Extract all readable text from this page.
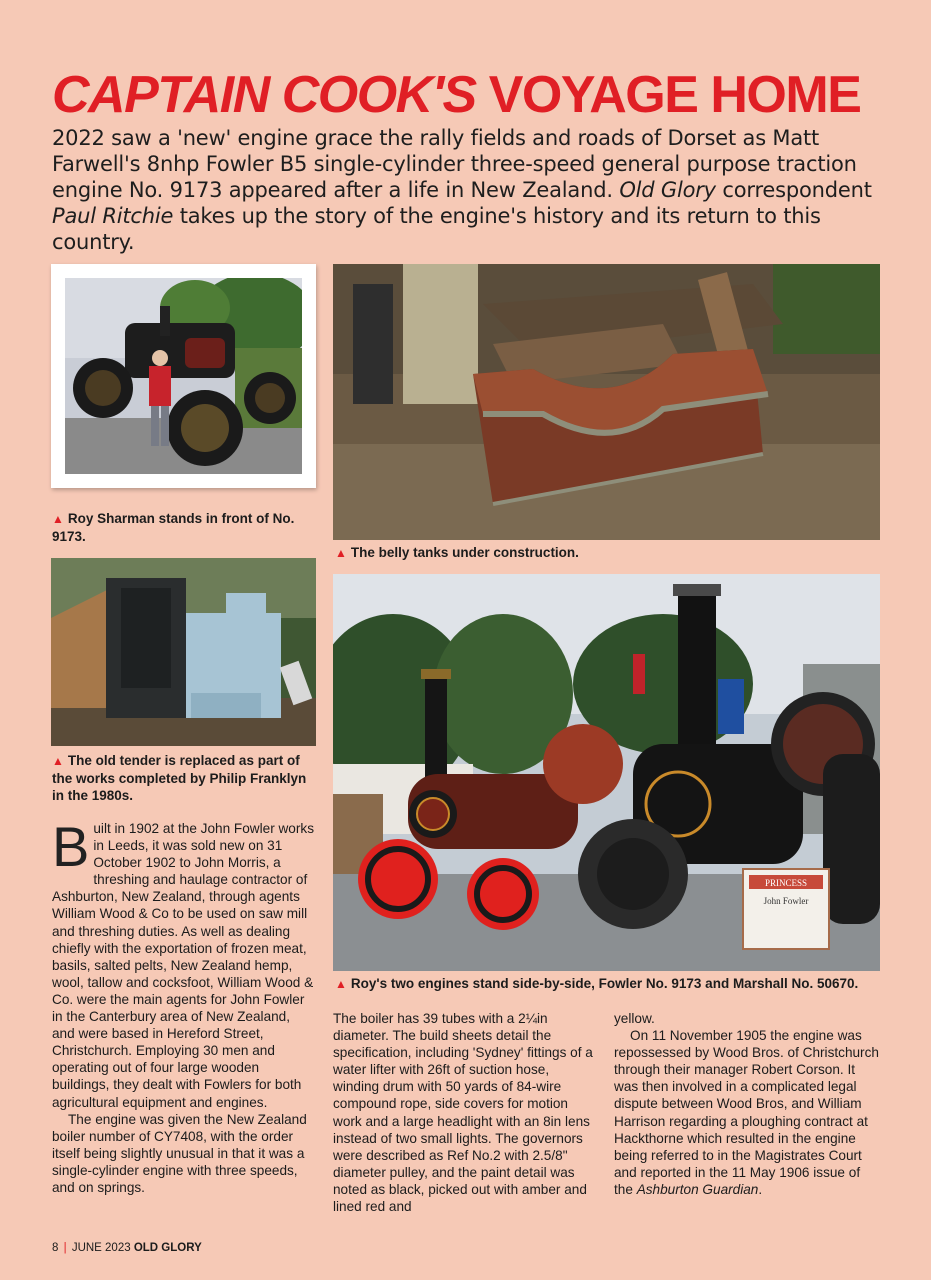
CAPTAIN COOK'S VOYAGE HOME
2022 saw a 'new' engine grace the rally fields and roads of Dorset as Matt Farwell's 8nhp Fowler B5 single-cylinder three-speed general purpose traction engine No. 9173 appeared after a life in New Zealand. Old Glory correspondent Paul Ritchie takes up the story of the engine's history and its return to this country.
▲ Roy Sharman stands in front of No. 9173.
▲ The belly tanks under construction.
▲ The old tender is replaced as part of the works completed by Philip Franklyn in the 1980s.
PRINCESS
John Fowler
▲ Roy's two engines stand side-by-side, Fowler No. 9173 and Marshall No. 50670.

Built in 1902 at the John Fowler works in Leeds, it was sold new on 31 October 1902 to John Morris, a threshing and haulage contractor of Ashburton, New Zealand, through agents William Wood & Co to be used on saw mill and threshing duties. As well as dealing chiefly with the exportation of frozen meat, basils, salted pelts, New Zealand hemp, wool, tallow and cocksfoot, William Wood & Co. were the main agents for John Fowler in the Canterbury area of New Zealand, and were based in Hereford Street, Christchurch. Employing 30 men and operating out of four large wooden buildings, they dealt with Fowlers for both agricultural equipment and engines.

The engine was given the New Zealand boiler number of CY7408, with the order itself being slightly unusual in that it was a single-cylinder engine with three speeds, and on springs.

The boiler has 39 tubes with a 2¼in diameter. The build sheets detail the specification, including 'Sydney' fittings of a water lifter with 26ft of suction hose, winding drum with 50 yards of 84-wire compound rope, side covers for motion work and a large headlight with an 8in lens instead of two small lights. The governors were described as Ref No.2 with 2.5/8" diameter pulley, and the paint detail was noted as black, picked out with amber and lined red and

yellow.

On 11 November 1905 the engine was repossessed by Wood Bros. of Christchurch through their manager Robert Corson. It was then involved in a complicated legal dispute between Wood Bros, and William Harrison regarding a ploughing contract at Hackthorne which resulted in the engine being referred to in the Magistrates Court and reported in the 11 May 1906 issue of the Ashburton Guardian.

8 | JUNE 2023 OLD GLORY
